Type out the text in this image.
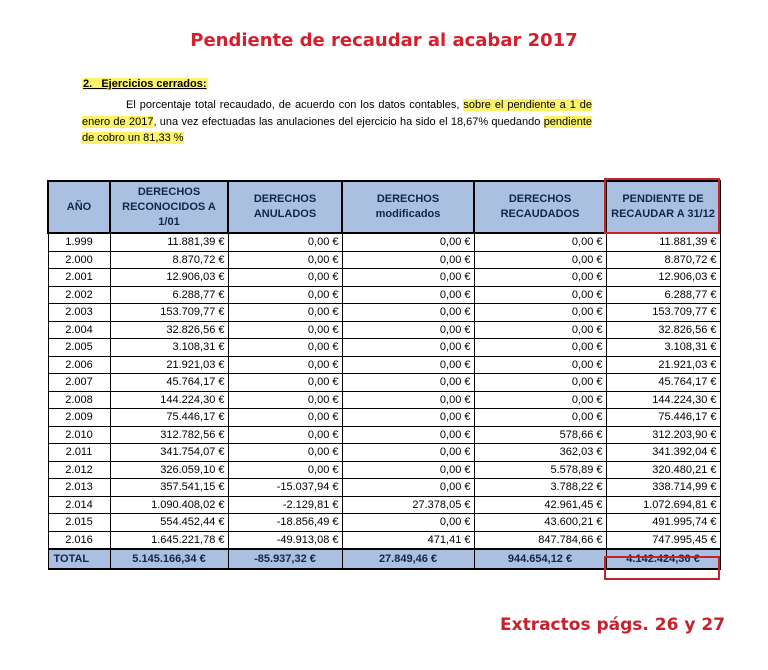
Pendiente de recaudar al acabar 2017
2._ Ejercicios cerrados:
El porcentaje total recaudado, de acuerdo con los datos contables, sobre el pendiente a 1 de enero de 2017, una vez efectuadas las anulaciones del ejercicio ha sido el 18,67% quedando pendiente de cobro un 81,33 %
AÑO	DERECHOS RECONOCIDOS A 1/01	DERECHOS ANULADOS	DERECHOS
modificados	DERECHOS RECAUDADOS	PENDIENTE DE RECAUDAR A 31/12
1.999	11.881,39 €	0,00 €	0,00 €	0,00 €	11.881,39 €
2.000	8.870,72 €	0,00 €	0,00 €	0,00 €	8.870,72 €
2.001	12.906,03 €	0,00 €	0,00 €	0,00 €	12.906,03 €
2.002	6.288,77 €	0,00 €	0,00 €	0,00 €	6.288,77 €
2.003	153.709,77 €	0,00 €	0,00 €	0,00 €	153.709,77 €
2.004	32.826,56 €	0,00 €	0,00 €	0,00 €	32.826,56 €
2.005	3.108,31 €	0,00 €	0,00 €	0,00 €	3.108,31 €
2.006	21.921,03 €	0,00 €	0,00 €	0,00 €	21.921,03 €
2.007	45.764,17 €	0,00 €	0,00 €	0,00 €	45.764,17 €
2.008	144.224,30 €	0,00 €	0,00 €	0,00 €	144.224,30 €
2.009	75.446,17 €	0,00 €	0,00 €	0,00 €	75.446,17 €
2.010	312.782,56 €	0,00 €	0,00 €	578,66 €	312.203,90 €
2.011	341.754,07 €	0,00 €	0,00 €	362,03 €	341.392,04 €
2.012	326.059,10 €	0,00 €	0,00 €	5.578,89 €	320.480,21 €
2.013	357.541,15 €	-15.037,94 €	0,00 €	3.788,22 €	338.714,99 €
2.014	1.090.408,02 €	-2.129,81 €	27.378,05 €	42.961,45 €	1.072.694,81 €
2.015	554.452,44 €	-18.856,49 €	0,00 €	43.600,21 €	491.995,74 €
2.016	1.645.221,78 €	-49.913,08 €	471,41 €	847.784,66 €	747.995,45 €
TOTAL	5.145.166,34 €	-85.937,32 €	27.849,46 €	944.654,12 €	4.142.424,36 €
Extractos págs. 26 y 27
